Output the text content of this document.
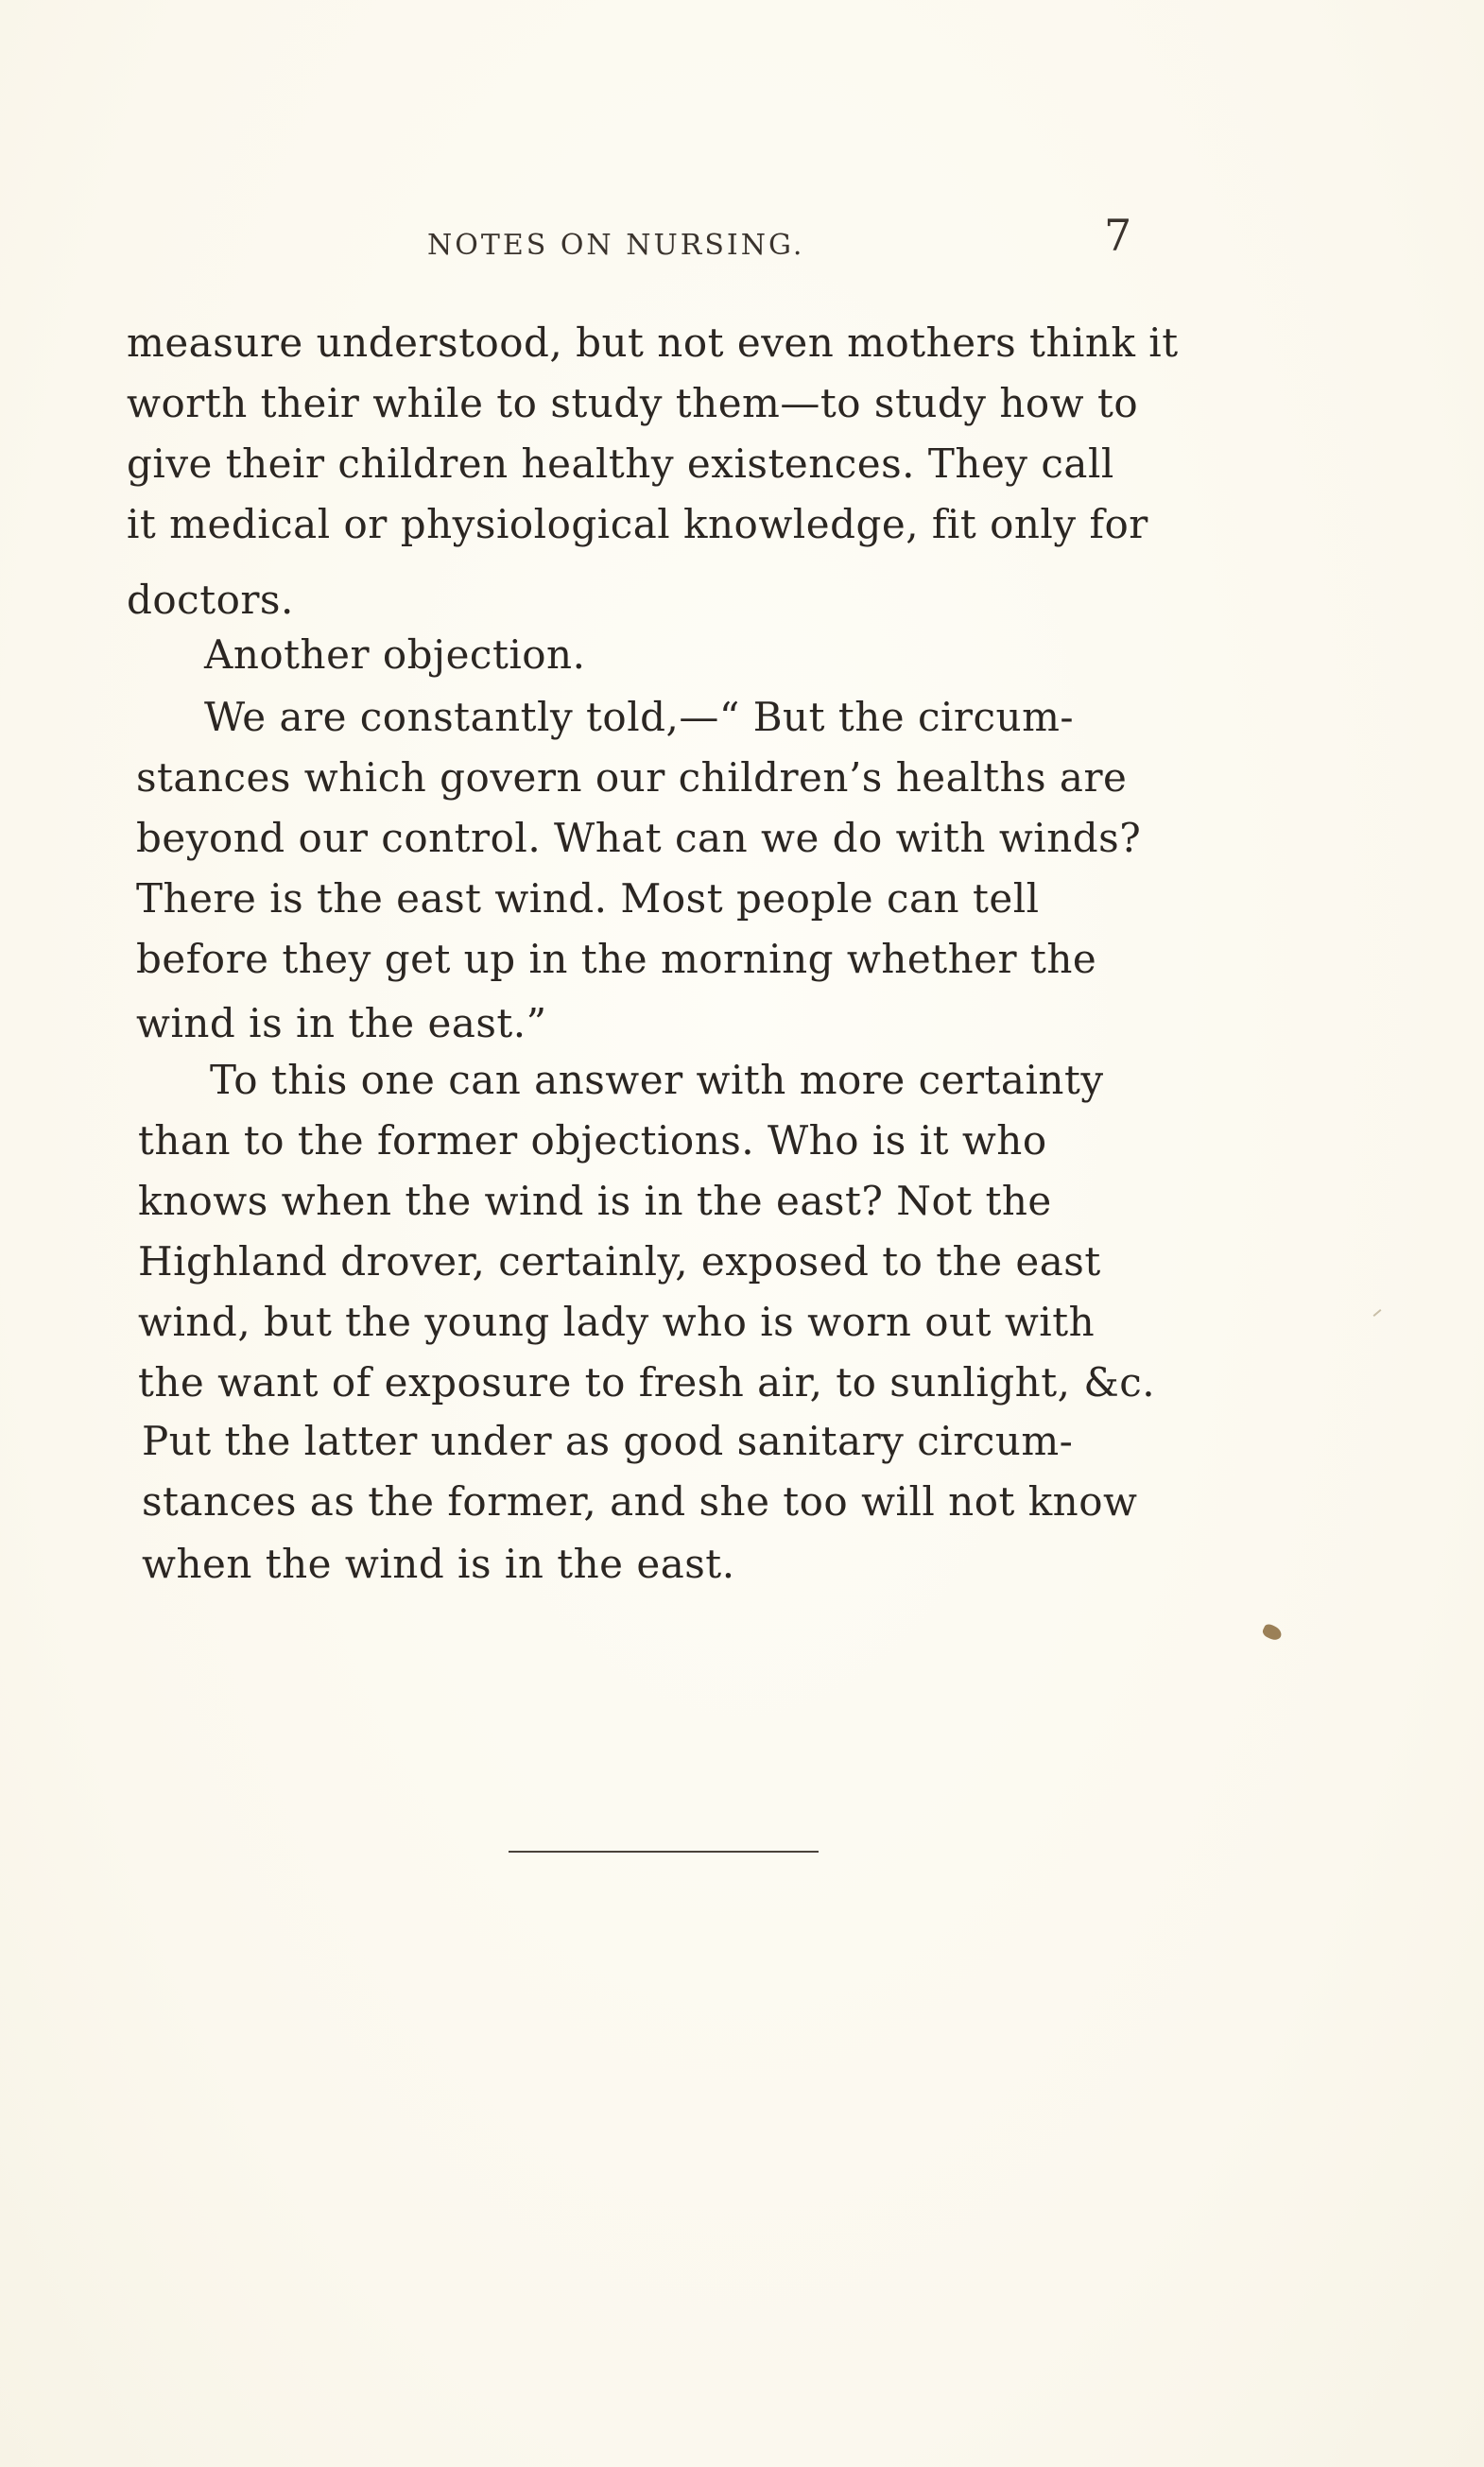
NOTES ON NURSING.	7
measure understood, but not even mothers think it
worth their while to study them—to study how to
give their children healthy existences. They call
it medical or physiological knowledge, fit only for
doctors.
Another objection.
We are constantly told,—“ But the circum-
stances which govern our children’s healths are
beyond our control. What can we do with winds?
There is the east wind. Most people can tell
before they get up in the morning whether the
wind is in the east.”
To this one can answer with more certainty
than to the former objections. Who is it who
knows when the wind is in the east? Not the
Highland drover, certainly, exposed to the east
wind, but the young lady who is worn out with
the want of exposure to fresh air, to sunlight, &c.
Put the latter under as good sanitary circum-
stances as the former, and she too will not know
when the wind is in the east.
